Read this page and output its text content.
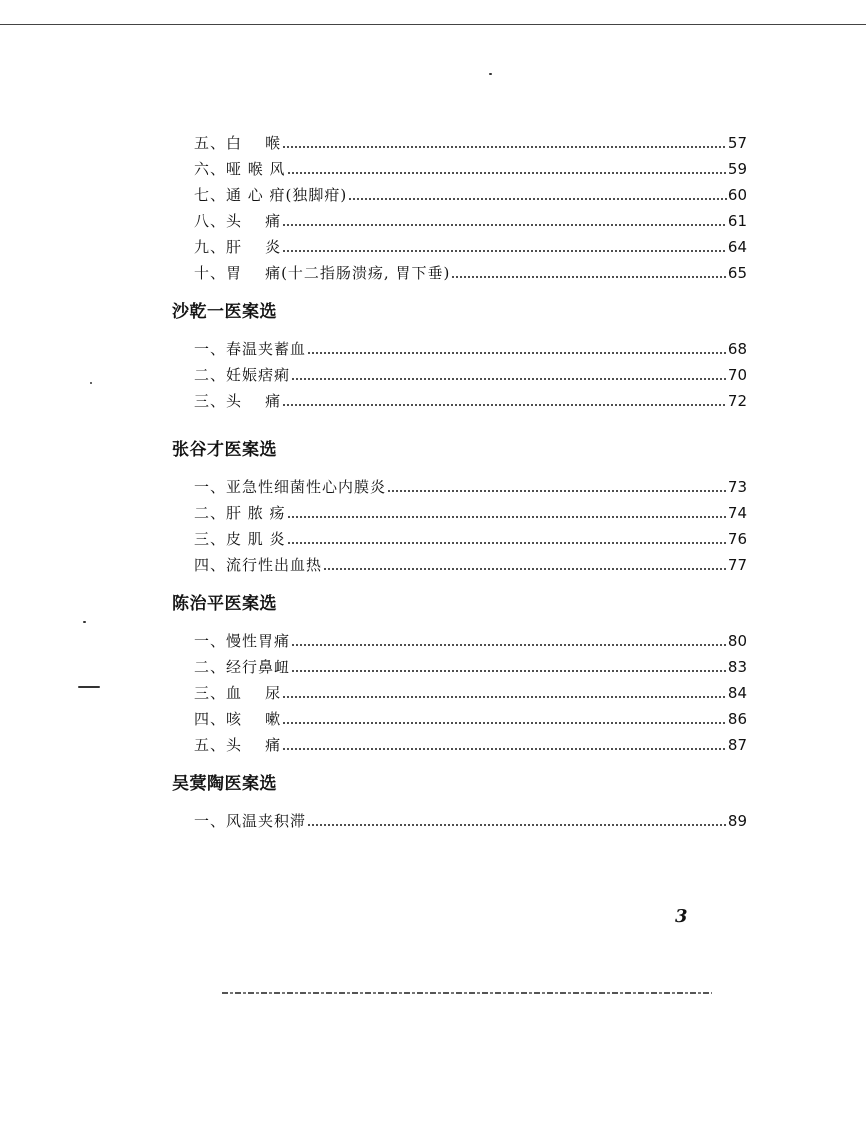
五、白    喉	57
六、哑 喉 风	59
七、通 心 疳(独脚疳)	60
八、头    痛	61
九、肝    炎	64
十、胃    痛(十二指肠溃疡, 胃下垂)	65
沙乾一医案选
一、春温夹蓄血	68
二、妊娠痞痢	70
三、头    痛	72
张谷才医案选
一、亚急性细菌性心内膜炎	73
二、肝 脓 疡	74
三、皮 肌 炎	76
四、流行性出血热	77
陈治平医案选
一、慢性胃痛	80
二、经行鼻衄	83
三、血    尿	84
四、咳    嗽	86
五、头    痛	87
吴蓂陶医案选
一、风温夹积滞	89
3
